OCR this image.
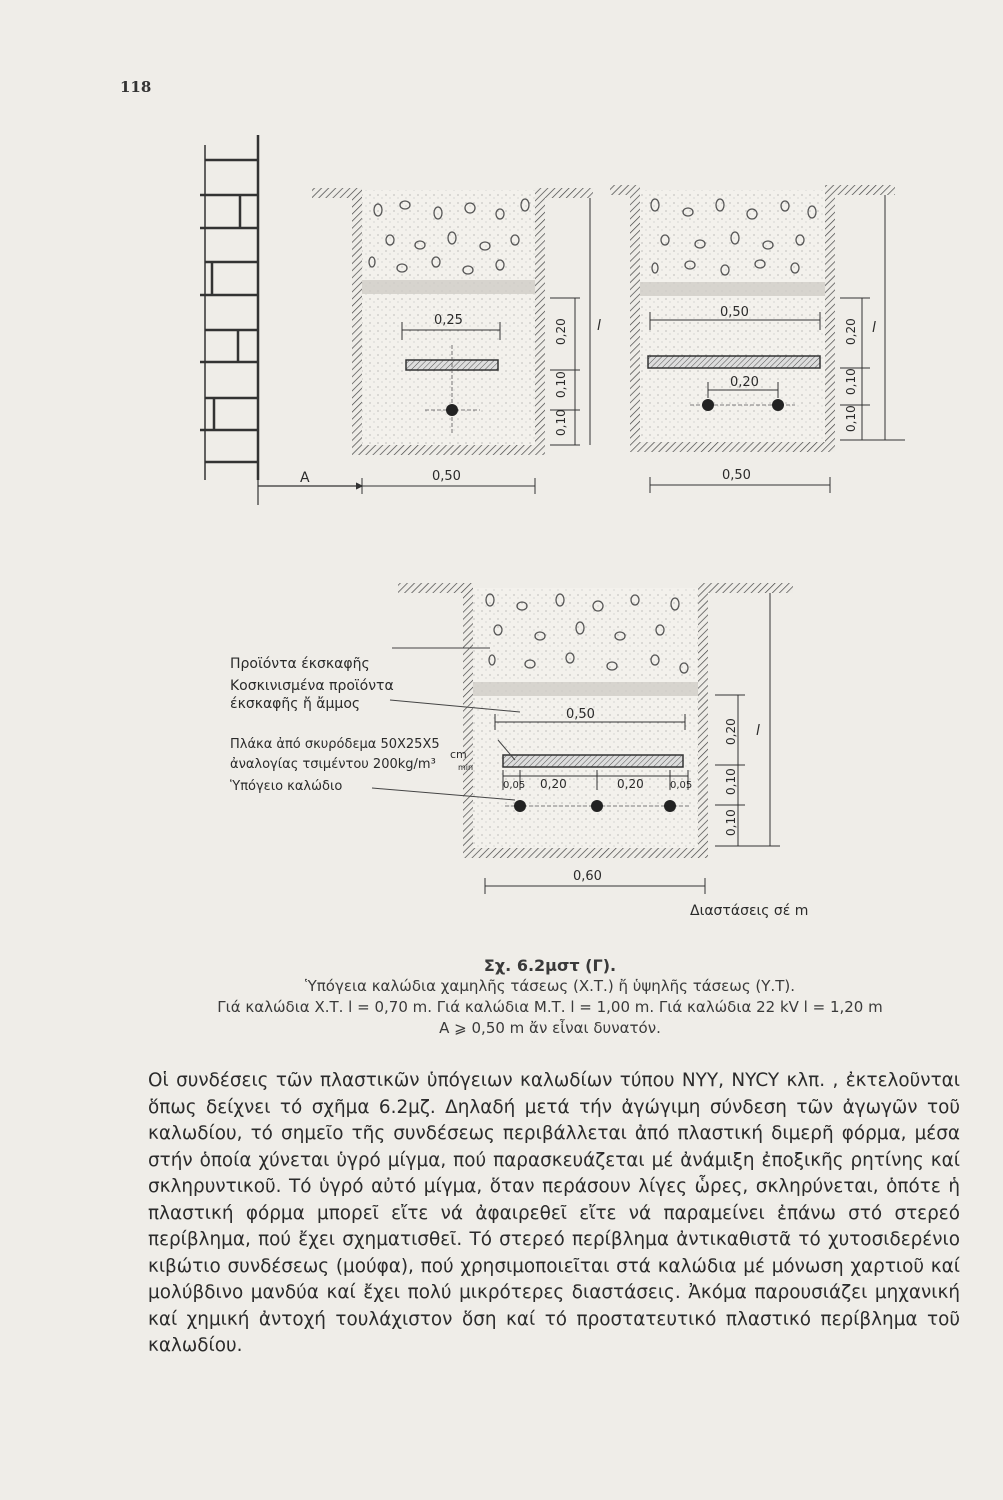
118
A
0,25	0,20
0,10
0,10
l
0,50
0,50
0,20
0,20
0,10
0,10
l
0,50
0,50
0,05 0,20	0,20	0,05
0,20
0,10
0,10
l
0,60
Προϊόντα έκσκαφῆς
Κοσκινισμένα προϊόντα
έκσκαφῆς ἤ ἄμμος
Πλάκα ἀπό σκυρόδεμα 50X25X5
cm
ἀναλογίας τσιμέντου 200kg/m³	min
Ὑπόγειο καλώδιο
Διαστάσεις σέ m
Σχ. 6.2μστ (Γ).
Ὑπόγεια καλώδια χαμηλῆς τάσεως (Χ.Τ.) ἤ ὑψηλῆς τάσεως (Υ.Τ).
Γιά καλώδια Χ.Τ. l = 0,70 m. Γιά καλώδια Μ.Τ. l = 1,00 m. Γιά καλώδια 22 kV l = 1,20 m
A ⩾ 0,50 m ἄν εἶναι δυνατόν.

Οἱ συνδέσεις τῶν πλαστικῶν ὑπόγειων καλωδίων τύπου ΝΥΥ, NYCY κλπ. , ἐκτελοῦνται ὅπως δείχνει τό σχῆμα 6.2μζ. Δηλαδή μετά τήν ἀγώγιμη σύνδεση τῶν ἀγωγῶν τοῦ καλωδίου, τό σημεῖο τῆς συνδέσεως περιβάλλεται ἀπό πλαστική διμερῆ φόρμα, μέσα στήν ὁποία χύνεται ὑγρό μίγμα, πού παρασκευάζεται μέ ἀνάμιξη ἐποξικῆς ρητίνης καί σκληρυντικοῦ. Τό ὑγρό αὐτό μίγμα, ὅταν περάσουν λίγες ὧρες, σκληρύνεται, ὁπότε ἡ πλαστική φόρμα μπορεῖ εἴτε νά ἀφαιρεθεῖ εἴτε νά παραμείνει ἐπάνω στό στερεό περίβλημα, πού ἔχει σχηματισθεῖ. Τό στερεό περίβλημα ἀντικαθιστᾶ τό χυτοσιδερένιο κιβώτιο συνδέσεως (μούφα), πού χρησιμοποιεῖται στά καλώδια μέ μόνωση χαρτιοῦ καί μολύβδινο μανδύα καί ἔχει πολύ μικρότερες διαστάσεις. Ἀκόμα παρουσιάζει μηχανική καί χημική ἀντοχή τουλάχιστον ὅση καί τό προστατευτικό πλαστικό περίβλημα τοῦ καλωδίου.
